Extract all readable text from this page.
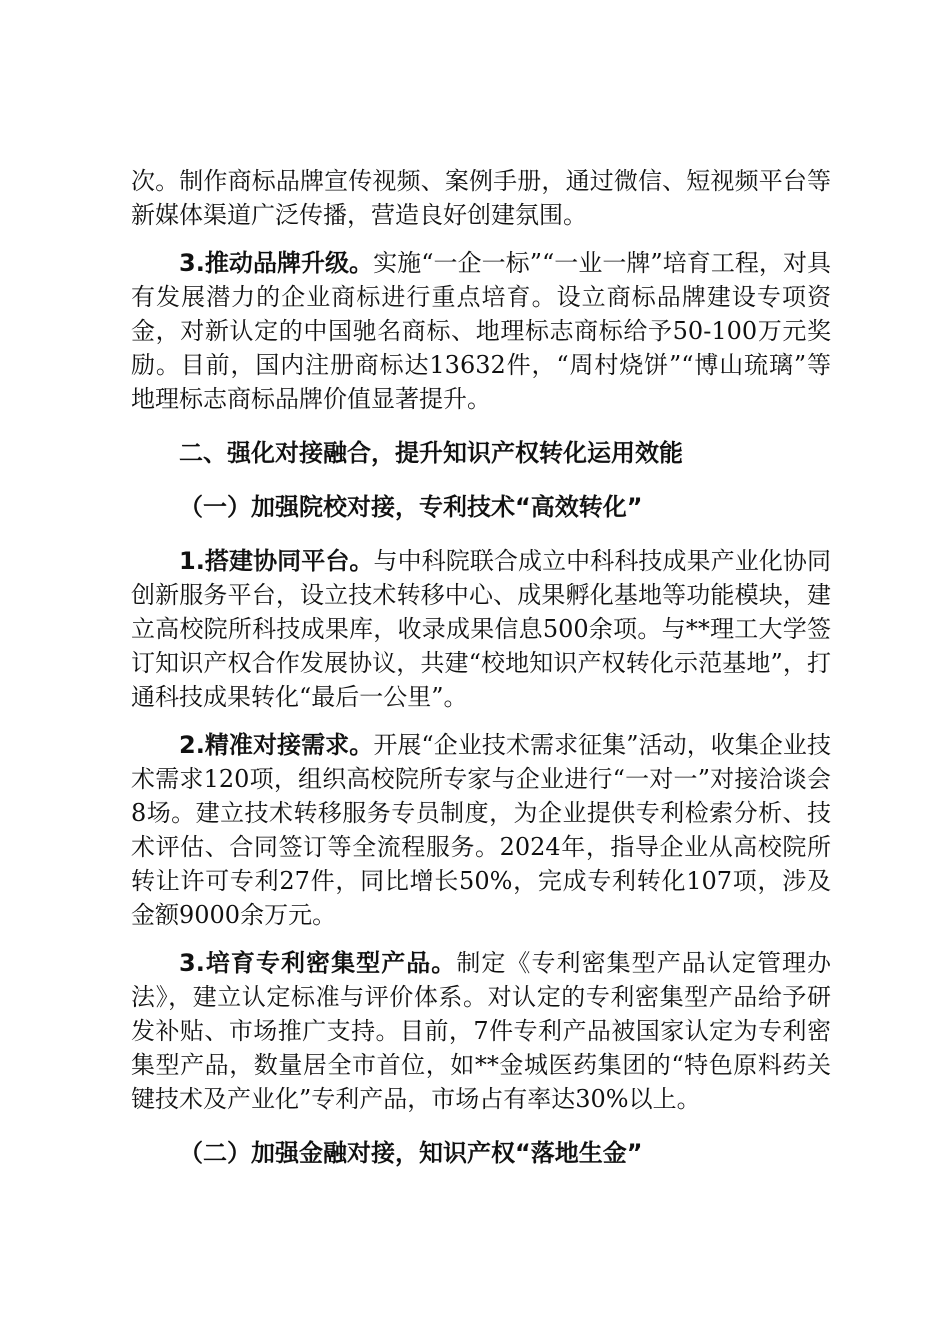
次。制作商标品牌宣传视频、案例手册，通过微信、短视频平台等新媒体渠道广泛传播，营造良好创建氛围。

3.推动品牌升级。实施“一企一标”“一业一牌”培育工程，对具有发展潜力的企业商标进行重点培育。设立商标品牌建设专项资金，对新认定的中国驰名商标、地理标志商标给予50-100万元奖励。目前，国内注册商标达13632件，“周村烧饼”“博山琉璃”等地理标志商标品牌价值显著提升。

二、强化对接融合，提升知识产权转化运用效能

（一）加强院校对接，专利技术“高效转化”

1.搭建协同平台。与中科院联合成立中科科技成果产业化协同创新服务平台，设立技术转移中心、成果孵化基地等功能模块，建立高校院所科技成果库，收录成果信息500余项。与**理工大学签订知识产权合作发展协议，共建“校地知识产权转化示范基地”，打通科技成果转化“最后一公里”。

2.精准对接需求。开展“企业技术需求征集”活动，收集企业技术需求120项，组织高校院所专家与企业进行“一对一”对接洽谈会8场。建立技术转移服务专员制度，为企业提供专利检索分析、技术评估、合同签订等全流程服务。2024年，指导企业从高校院所转让许可专利27件，同比增长50%，完成专利转化107项，涉及金额9000余万元。

3.培育专利密集型产品。制定《专利密集型产品认定管理办法》，建立认定标准与评价体系。对认定的专利密集型产品给予研发补贴、市场推广支持。目前，7件专利产品被国家认定为专利密集型产品，数量居全市首位，如**金城医药集团的“特色原料药关键技术及产业化”专利产品，市场占有率达30%以上。

（二）加强金融对接，知识产权“落地生金”
